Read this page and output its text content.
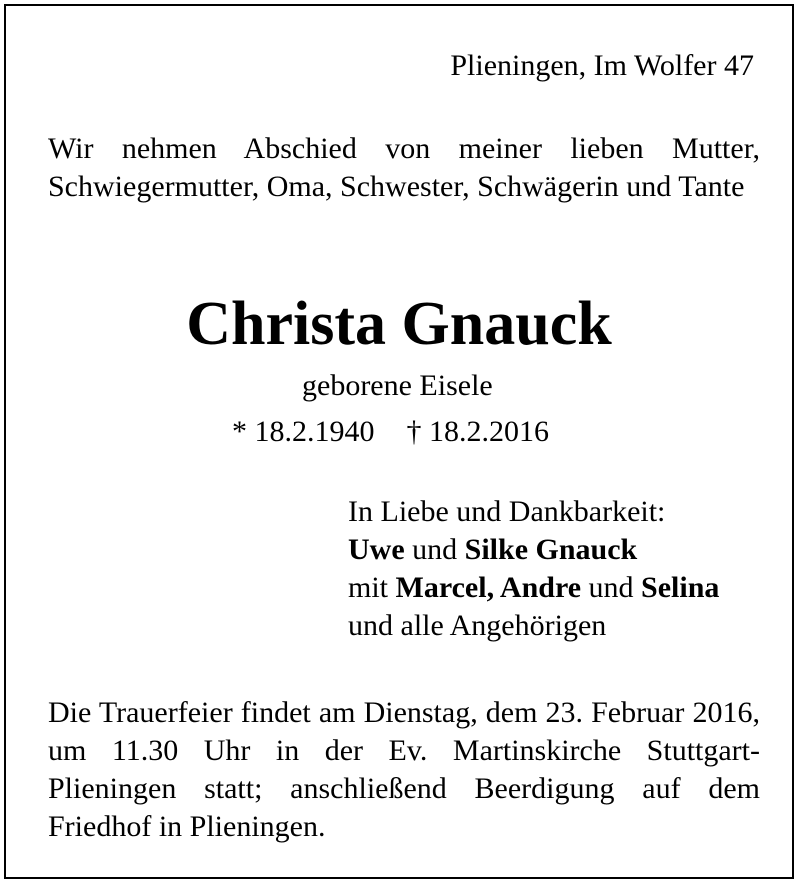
Plieningen, Im Wolfer 47
Wir nehmen Abschied von meiner lieben Mutter, Schwiegermutter, Oma, Schwester, Schwägerin und Tante
Christa Gnauck
geborene Eisele
* 18.2.1940 † 18.2.2016
In Liebe und Dankbarkeit:
Uwe und Silke Gnauck
mit Marcel, Andre und Selina
und alle Angehörigen
Die Trauerfeier findet am Dienstag, dem 23. Februar 2016, um 11.30 Uhr in der Ev. Martinskirche Stuttgart-Plieningen statt; anschließend Beerdigung auf dem Friedhof in Plieningen.
